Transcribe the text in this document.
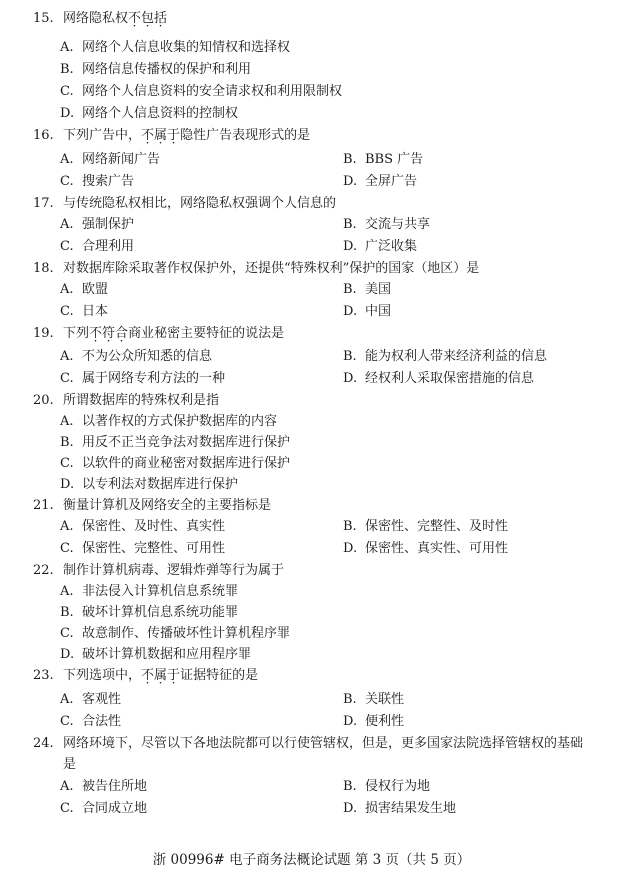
15. 网络隐私权不包括
A. 网络个人信息收集的知情权和选择权
B. 网络信息传播权的保护和利用
C. 网络个人信息资料的安全请求权和利用限制权
D. 网络个人信息资料的控制权
16. 下列广告中，不属于隐性广告表现形式的是
A. 网络新闻广告	B. BBS 广告
C. 搜索广告	D. 全屏广告
17. 与传统隐私权相比，网络隐私权强调个人信息的
A. 强制保护	B. 交流与共享
C. 合理利用	D. 广泛收集
18. 对数据库除采取著作权保护外，还提供“特殊权利”保护的国家（地区）是
A. 欧盟	B. 美国
C. 日本	D. 中国
19. 下列不符合商业秘密主要特征的说法是
A. 不为公众所知悉的信息	B. 能为权利人带来经济利益的信息
C. 属于网络专利方法的一种	D. 经权利人采取保密措施的信息
20. 所谓数据库的特殊权利是指
A. 以著作权的方式保护数据库的内容
B. 用反不正当竞争法对数据库进行保护
C. 以软件的商业秘密对数据库进行保护
D. 以专利法对数据库进行保护
21. 衡量计算机及网络安全的主要指标是
A. 保密性、及时性、真实性	B. 保密性、完整性、及时性
C. 保密性、完整性、可用性	D. 保密性、真实性、可用性
22. 制作计算机病毒、逻辑炸弹等行为属于
A. 非法侵入计算机信息系统罪
B. 破坏计算机信息系统功能罪
C. 故意制作、传播破坏性计算机程序罪
D. 破坏计算机数据和应用程序罪
23. 下列选项中，不属于证据特征的是
A. 客观性	B. 关联性
C. 合法性	D. 便利性
24. 网络环境下，尽管以下各地法院都可以行使管辖权，但是，更多国家法院选择管辖权的基础是
A. 被告住所地	B. 侵权行为地
C. 合同成立地	D. 损害结果发生地
浙 00996# 电子商务法概论试题 第 3 页（共 5 页）
